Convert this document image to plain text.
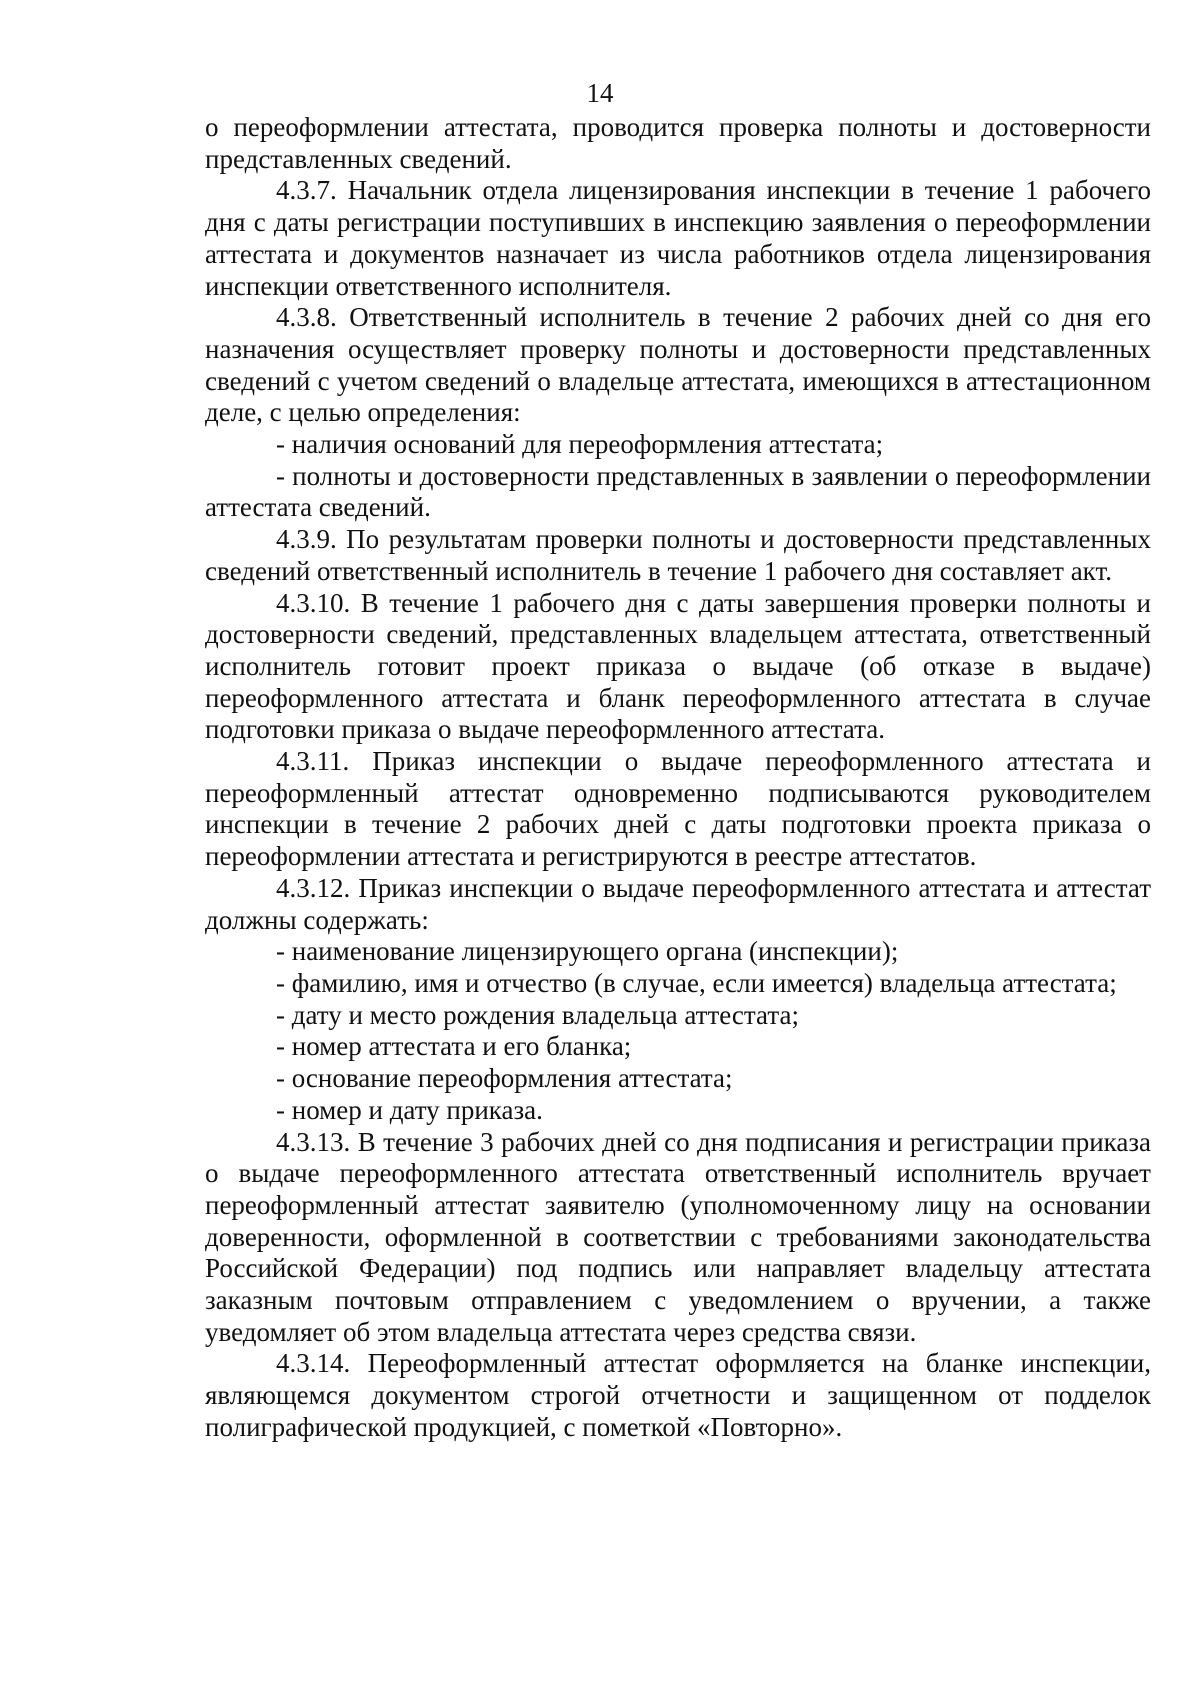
14

о переоформлении аттестата, проводится проверка полноты и достоверности представленных сведений.

4.3.7. Начальник отдела лицензирования инспекции в течение 1 рабочего дня с даты регистрации поступивших в инспекцию заявления о переоформлении аттестата и документов назначает из числа работников отдела лицензирования инспекции ответственного исполнителя.

4.3.8. Ответственный исполнитель в течение 2 рабочих дней со дня его назначения осуществляет проверку полноты и достоверности представленных сведений с учетом сведений о владельце аттестата, имеющихся в аттестационном деле, с целью определения:

- наличия оснований для переоформления аттестата;

- полноты и достоверности представленных в заявлении о переоформлении аттестата сведений.

4.3.9. По результатам проверки полноты и достоверности представленных сведений ответственный исполнитель в течение 1 рабочего дня составляет акт.

4.3.10. В течение 1 рабочего дня с даты завершения проверки полноты и достоверности сведений, представленных владельцем аттестата, ответственный исполнитель готовит проект приказа о выдаче (об отказе в выдаче) переоформленного аттестата и бланк переоформленного аттестата в случае подготовки приказа о выдаче переоформленного аттестата.

4.3.11. Приказ инспекции о выдаче переоформленного аттестата и переоформленный аттестат одновременно подписываются руководителем инспекции в течение 2 рабочих дней с даты подготовки проекта приказа о переоформлении аттестата и регистрируются в реестре аттестатов.

4.3.12. Приказ инспекции о выдаче переоформленного аттестата и аттестат должны содержать:

- наименование лицензирующего органа (инспекции);

- фамилию, имя и отчество (в случае, если имеется) владельца аттестата;

- дату и место рождения владельца аттестата;

- номер аттестата и его бланка;

- основание переоформления аттестата;

- номер и дату приказа.

4.3.13. В течение 3 рабочих дней со дня подписания и регистрации приказа о выдаче переоформленного аттестата ответственный исполнитель вручает переоформленный аттестат заявителю (уполномоченному лицу на основании доверенности, оформленной в соответствии с требованиями законодательства Российской Федерации) под подпись или направляет владельцу аттестата заказным почтовым отправлением с уведомлением о вручении, а также уведомляет об этом владельца аттестата через средства связи.

4.3.14. Переоформленный аттестат оформляется на бланке инспекции, являющемся документом строгой отчетности и защищенном от подделок полиграфической продукцией, с пометкой «Повторно».
